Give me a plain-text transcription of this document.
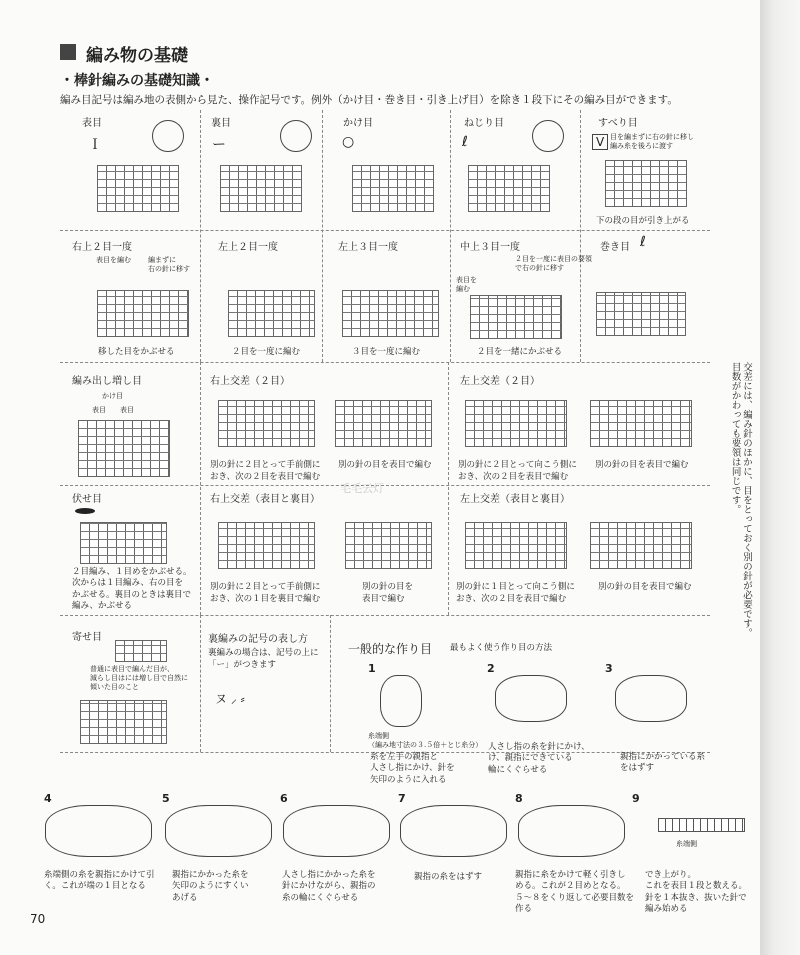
編み物の基礎
・棒針編みの基礎知識・
編み目記号は編み地の表側から見た、操作記号です。例外（かけ目・巻き目・引き上げ目）を除き１段下にその編み目ができます。
表目
Ｉ
裏目
ー
かけ目
○
ねじり目
ℓ
すべり目
V 目を編まずに右の針に移し
編み糸を後ろに渡す
下の段の目が引き上がる
右上２目一度
表目を編む 編まずに
右の針に移す
移した目をかぶせる
左上２目一度
２目を一度に編む
左上３目一度
３目を一度に編む
中上３目一度
２目を一度に表目の要領
で右の針に移す
表目を
編む
２目を一緒にかぶせる
巻き目 ℓ
編み出し増し目
かけ目
表目 表目
右上交差（２目）
別の針に２目とって手前側に
おき、次の２目を表目で編む
別の針の目を表目で編む
左上交差（２目）
別の針に２目とって向こう側に
おき、次の２目を表目で編む
別の針の目を表目で編む
伏せ目
２目編み、１目めをかぶせる。
次からは１目編み、右の目を
かぶせる。裏目のときは裏目で
編み、かぶせる
右上交差（表目と裏目）
別の針に２目とって手前側に
おき、次の１目を裏目で編む
別の針の目を
表目で編む
左上交差（表目と裏目）
別の針に１目とって向こう側に
おき、次の２目を表目で編む
別の針の目を表目で編む
寄せ目
普通に表目で編んだ目が、
減らし目はには増し目で自然に
傾いた目のこと
裏編みの記号の表し方
裏編みの場合は、記号の上に
「ー」がつきます
ヌ ⸝ ⸗
一般的な作り目 最もよく使う作り目の方法
1
糸端側
（編み地寸法の３.５倍＋とじ糸分）
糸を左手の親指と
人さし指にかけ、針を
矢印のように入れる
2
人さし指の糸を針にかけ、
け、親指にできている
輪にくぐらせる
3
親指にかかっている糸
をはずす
4
糸端側の糸を親指にかけて引
く。これが端の１目となる
5
親指にかかった糸を
矢印のようにすくい
あげる
6
人さし指にかかった糸を
針にかけながら、親指の
糸の輪にくぐらせる
7
親指の糸をはずす
8
親指に糸をかけて軽く引きし
める。これが２目めとなる。
５〜８をくり返して必要目数を
作る
9
糸端側
でき上がり。
これを表目１段と数える。
針を１本抜き、抜いた針で
編み始める
交差には、編み針のほかに、目をとっておく別の針が必要です。目数がかわっても要領は同じです。
毛毛云灯
70
